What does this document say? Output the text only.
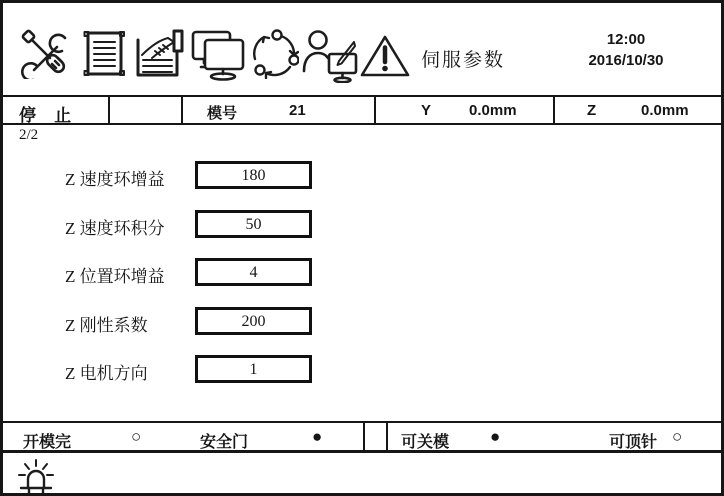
伺服参数
12:00
2016/10/30
停 止	模号	21	Y	0.0mm	Z	0.0mm
2/2
Z 速度环增益	180
Z 速度环积分	50
Z 位置环增益	4
Z 刚性系数	200
Z 电机方向	1
开模完	○	安全门	●	可关模 ●	可顶针 ○
